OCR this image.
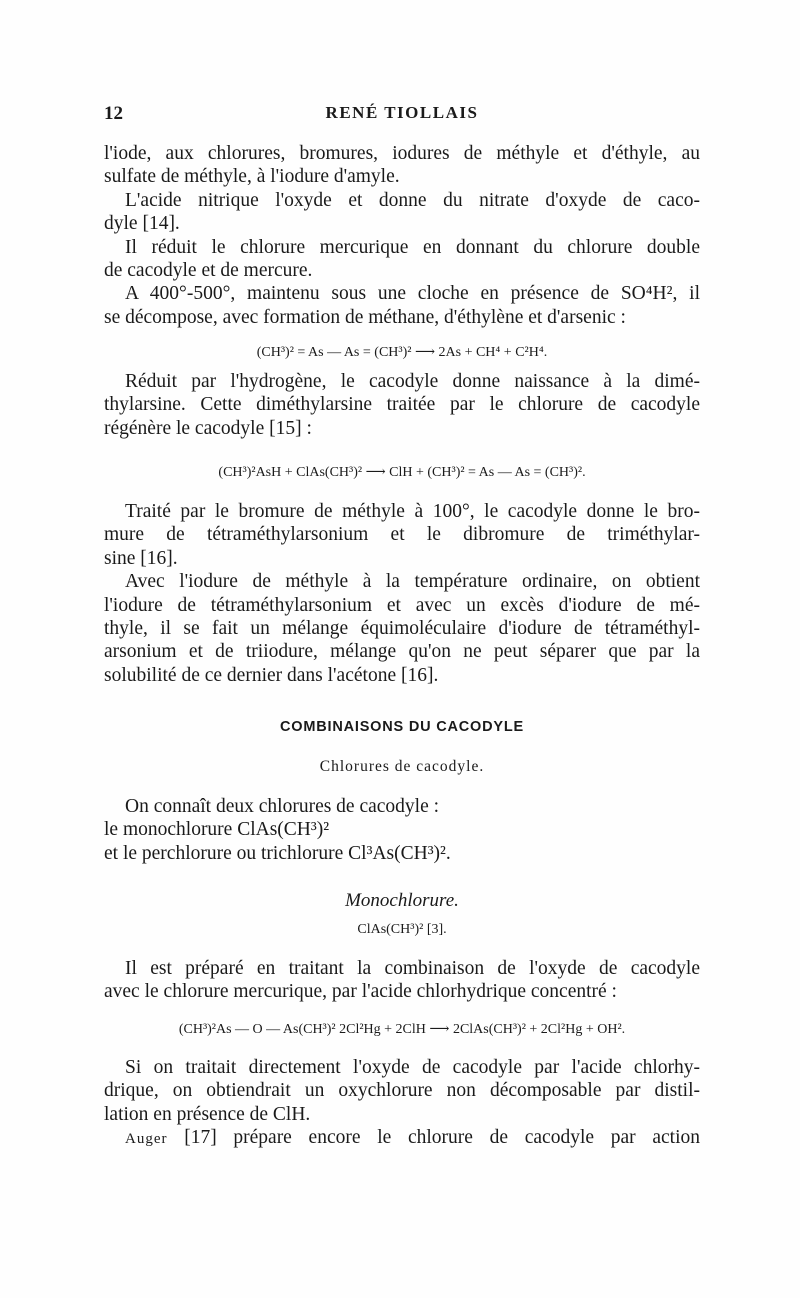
12	RENÉ TIOLLAIS

l'iode, aux chlorures, bromures, iodures de méthyle et d'éthyle, au

sulfate de méthyle, à l'iodure d'amyle.

L'acide nitrique l'oxyde et donne du nitrate d'oxyde de caco-

dyle [14].

Il réduit le chlorure mercurique en donnant du chlorure double

de cacodyle et de mercure.

A 400°-500°, maintenu sous une cloche en présence de SO⁴H², il

se décompose, avec formation de méthane, d'éthylène et d'arsenic :

(CH³)² = As — As = (CH³)² ⟶ 2As + CH⁴ + C²H⁴.

Réduit par l'hydrogène, le cacodyle donne naissance à la dimé-

thylarsine. Cette diméthylarsine traitée par le chlorure de cacodyle

régénère le cacodyle [15] :

(CH³)²AsH + ClAs(CH³)² ⟶ ClH + (CH³)² = As — As = (CH³)².

Traité par le bromure de méthyle à 100°, le cacodyle donne le bro-

mure de tétraméthylarsonium et le dibromure de triméthylar-

sine [16].

Avec l'iodure de méthyle à la température ordinaire, on obtient

l'iodure de tétraméthylarsonium et avec un excès d'iodure de mé-

thyle, il se fait un mélange équimoléculaire d'iodure de tétraméthyl-

arsonium et de triiodure, mélange qu'on ne peut séparer que par la

solubilité de ce dernier dans l'acétone [16].

COMBINAISONS DU CACODYLE
Chlorures de cacodyle.

On connaît deux chlorures de cacodyle :

le monochlorure ClAs(CH³)²

et le perchlorure ou trichlorure Cl³As(CH³)².

Monochlorure.
ClAs(CH³)² [3].

Il est préparé en traitant la combinaison de l'oxyde de cacodyle

avec le chlorure mercurique, par l'acide chlorhydrique concentré :

(CH³)²As — O — As(CH³)² 2Cl²Hg + 2ClH ⟶ 2ClAs(CH³)² + 2Cl²Hg + OH².

Si on traitait directement l'oxyde de cacodyle par l'acide chlorhy-

drique, on obtiendrait un oxychlorure non décomposable par distil-

lation en présence de ClH.

Auger [17] prépare encore le chlorure de cacodyle par action
